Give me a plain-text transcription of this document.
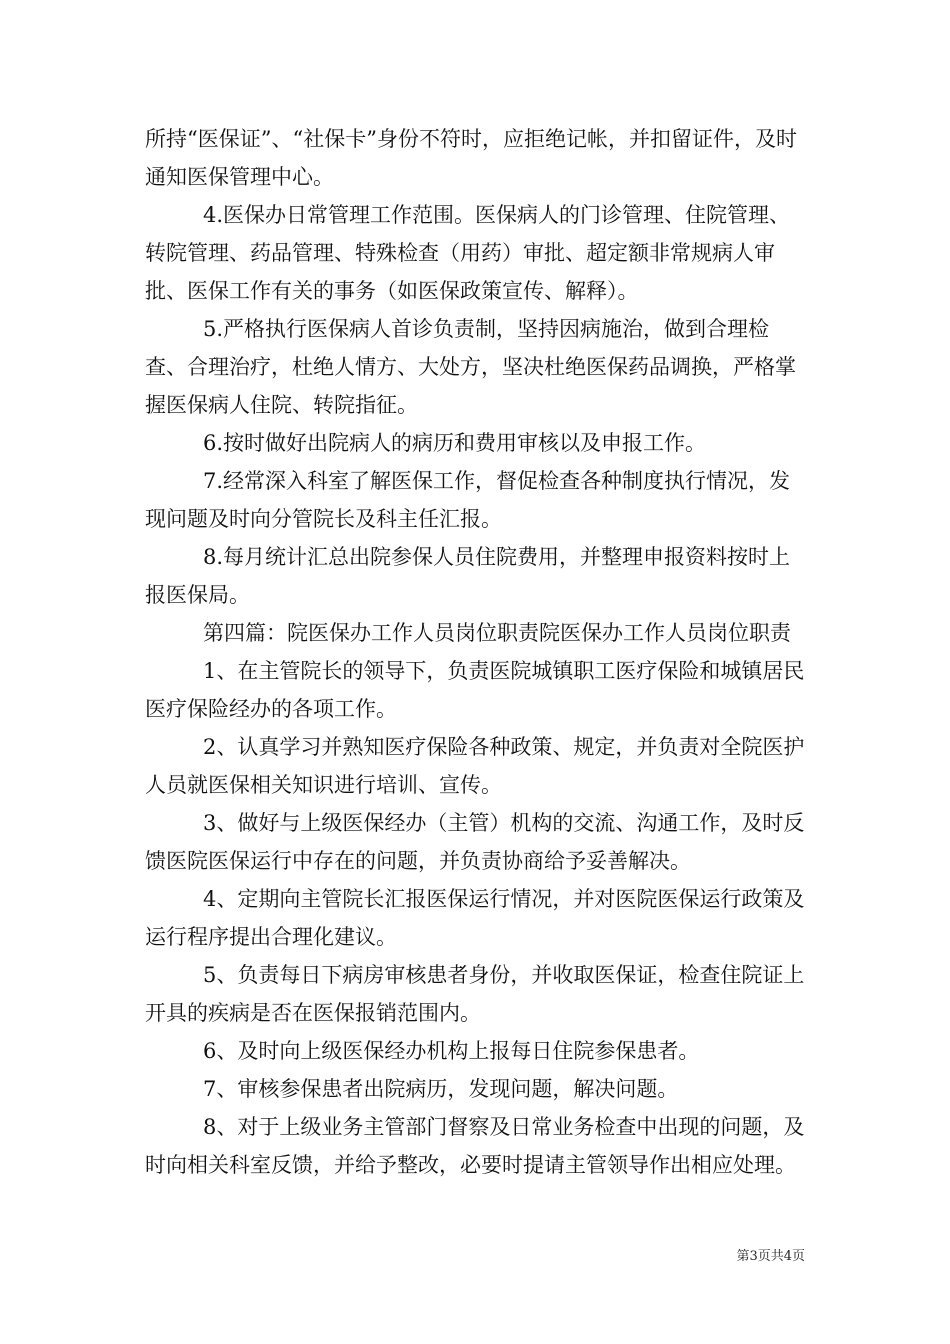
所持“医保证”、“社保卡”身份不符时，应拒绝记帐，并扣留证件，及时通知医保管理中心。

4.医保办日常管理工作范围。医保病人的门诊管理、住院管理、转院管理、药品管理、特殊检查（用药）审批、超定额非常规病人审批、医保工作有关的事务（如医保政策宣传、解释）。

5.严格执行医保病人首诊负责制，坚持因病施治，做到合理检查、合理治疗，杜绝人情方、大处方，坚决杜绝医保药品调换，严格掌握医保病人住院、转院指征。

6.按时做好出院病人的病历和费用审核以及申报工作。

7.经常深入科室了解医保工作，督促检查各种制度执行情况，发现问题及时向分管院长及科主任汇报。

8.每月统计汇总出院参保人员住院费用，并整理申报资料按时上报医保局。

第四篇：院医保办工作人员岗位职责院医保办工作人员岗位职责

1、在主管院长的领导下，负责医院城镇职工医疗保险和城镇居民医疗保险经办的各项工作。

2、认真学习并熟知医疗保险各种政策、规定，并负责对全院医护人员就医保相关知识进行培训、宣传。

3、做好与上级医保经办（主管）机构的交流、沟通工作，及时反馈医院医保运行中存在的问题，并负责协商给予妥善解决。

4、定期向主管院长汇报医保运行情况，并对医院医保运行政策及运行程序提出合理化建议。

5、负责每日下病房审核患者身份，并收取医保证，检查住院证上开具的疾病是否在医保报销范围内。

6、及时向上级医保经办机构上报每日住院参保患者。

7、审核参保患者出院病历，发现问题，解决问题。

8、对于上级业务主管部门督察及日常业务检查中出现的问题，及时向相关科室反馈，并给予整改，必要时提请主管领导作出相应处理。

第3页共4页
